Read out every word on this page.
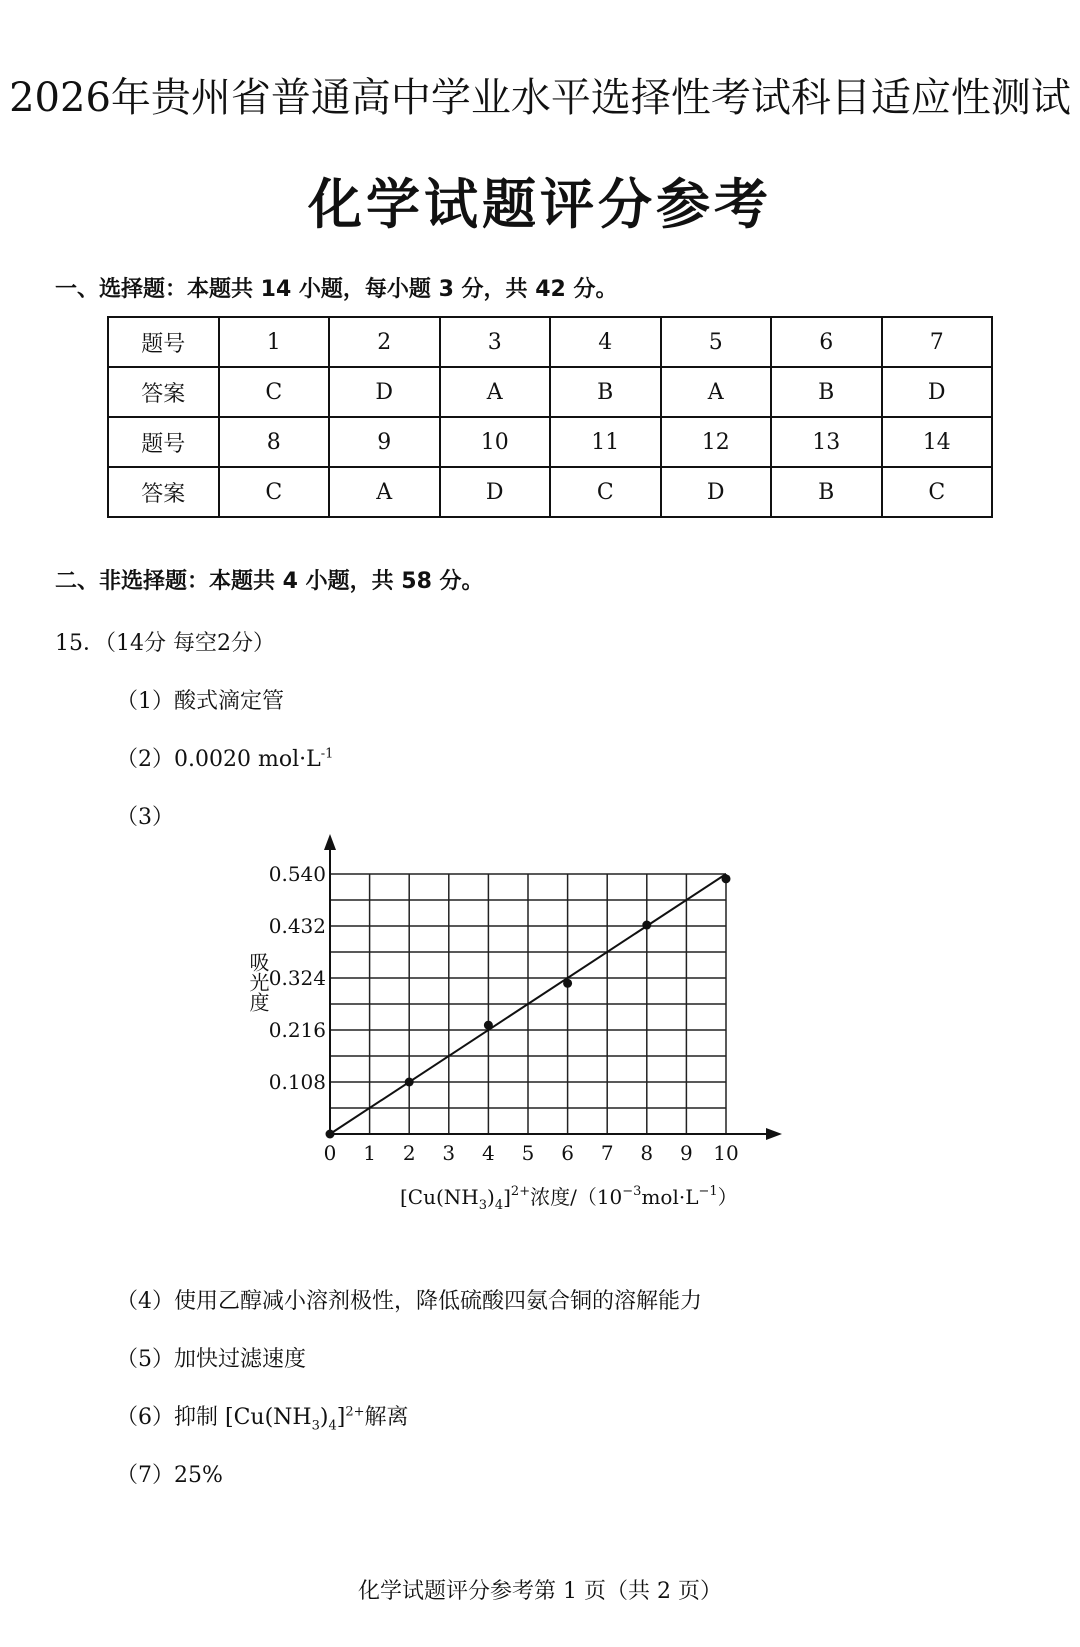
2026年贵州省普通高中学业水平选择性考试科目适应性测试
化学试题评分参考
一、选择题：本题共 14 小题，每小题 3 分，共 42 分。
题号	1	2	3	4	5	6	7
答案	C	D	A	B	A	B	D
题号	8	9	10	11	12	13	14
答案	C	A	D	C	D	B	C
二、非选择题：本题共 4 小题，共 58 分。
15．（14分 每空2分）
（1）酸式滴定管
（2）0.0020 $mol\cdot L^{-1}$
（3）
0 1 2 3 4 5 6 7 8 9 10
0.108
0.216
0.324
0.432
0.540
吸光度
$[Cu(NH_3)_4]^{2+}$浓度$/(10^{-3}mol\cdot L^{-1})$
（4）使用乙醇减小溶剂极性，降低硫酸四氨合铜的溶解能力
（5）加快过滤速度
（6）抑制 $[Cu(NH_3)_4]^{2+}$解离
（7）25%
化学试题评分参考第 1 页（共 2 页）
